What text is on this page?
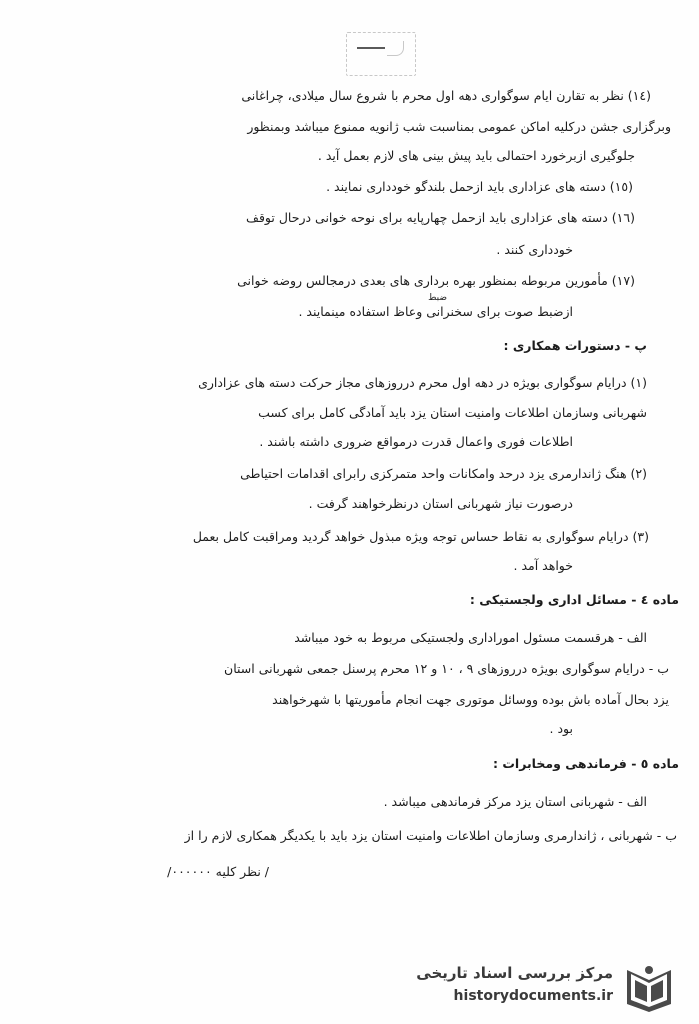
(١٤) نظر به تقارن ایام سوگواری دهه اول محرم با شروع سال میلادی، چراغانی
وبرگزاری جشن درکلیه اماکن عمومی بمناسبت شب ژانویه ممنوع میباشد وبمنظور
جلوگیری ازبرخورد احتمالی باید پیش بینی های لازم بعمل آید .
(١٥) دسته های عزاداری باید ازحمل بلندگو خودداری نمایند .
(١٦) دسته های عزاداری باید ازحمل چهارپایه برای نوحه خوانی درحال توقف
خودداری کنند .
ضبط
(١٧) مأمورین مربوطه بمنظور بهره برداری های بعدی درمجالس روضه خوانی
ازضبط صوت برای سخنرانی وعاظ استفاده مینمایند .
پ - دستورات همکاری :
(١) درایام سوگواری بویژه در دهه اول محرم درروزهای مجاز حرکت دسته های عزاداری
شهربانی وسازمان اطلاعات وامنیت استان یزد باید آمادگی کامل برای کسب
اطلاعات فوری واعمال قدرت درمواقع ضروری داشته باشند .
(٢) هنگ ژاندارمری یزد درحد وامکانات واحد متمرکزی رابرای اقدامات احتیاطی
درصورت نیاز شهربانی استان درنظرخواهند گرفت .
(٣) درایام سوگواری به نقاط حساس توجه ویژه مبذول خواهد گردید ومراقبت کامل بعمل
خواهد آمد .
ماده ٤ - مسائل اداری ولجستیکی :
الف - هرقسمت مسئول اموراداری ولجستیکی مربوط به خود میباشد
ب - درایام سوگواری بویژه درروزهای ۹ ، ۱۰ و ۱۲ محرم پرسنل جمعی شهربانی استان
یزد بحال آماده باش بوده ووسائل موتوری جهت انجام مأموریتها با شهرخواهند
بود .
ماده ٥ - فرماندهی ومخابرات :
الف - شهربانی استان یزد مرکز فرماندهی میباشد .
ب - شهربانی ، ژاندارمری وسازمان اطلاعات وامنیت استان یزد باید با یکدیگر همکاری لازم را از
/ نظر کلیه ٠٠٠٠٠٠/
مرکز بررسی اسناد تاریخی
historydocuments.ir
